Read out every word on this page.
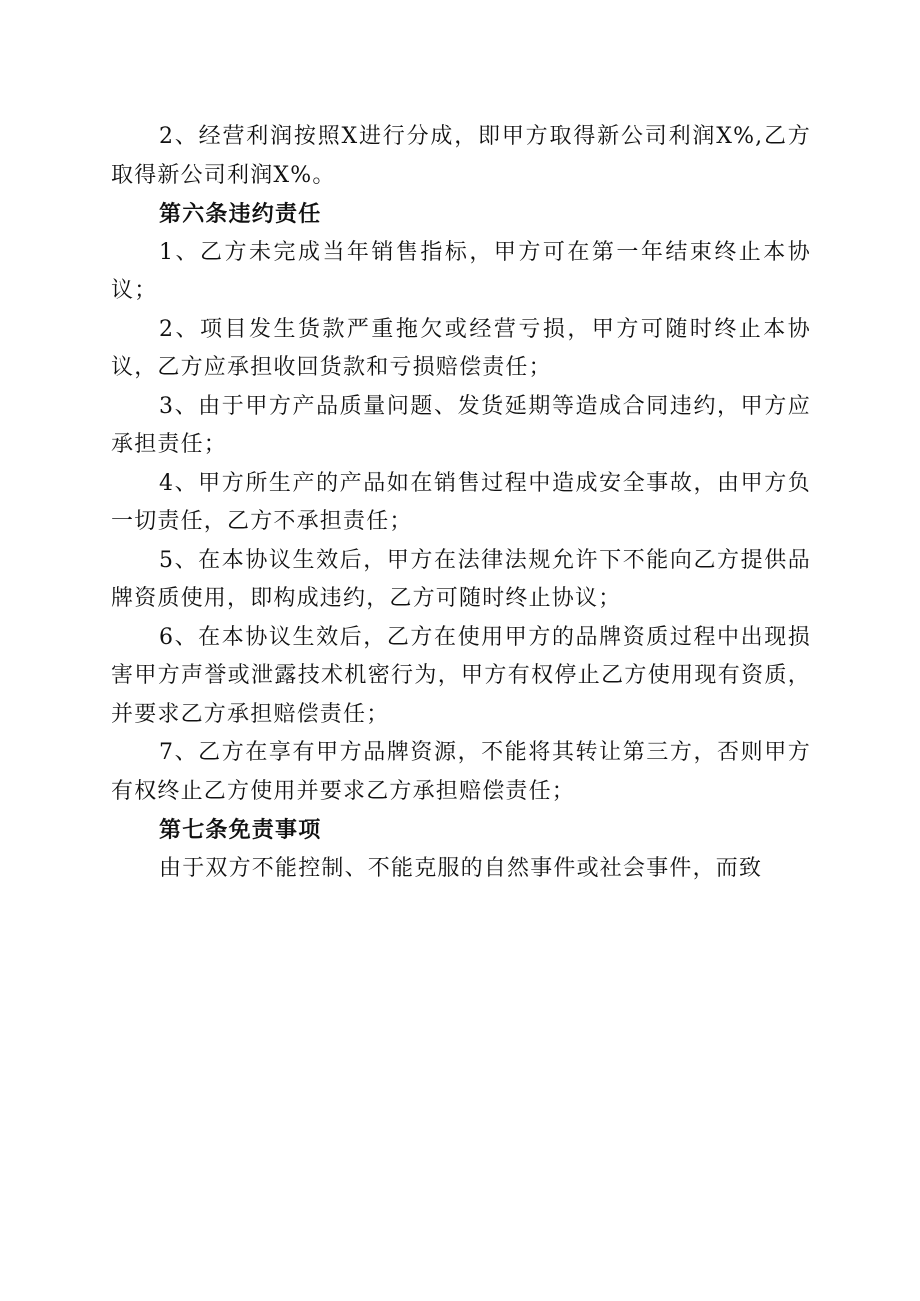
2、经营利润按照X进行分成，即甲方取得新公司利润X%,乙方取得新公司利润X%。

第六条违约责任

1、乙方未完成当年销售指标，甲方可在第一年结束终止本协议；

2、项目发生货款严重拖欠或经营亏损，甲方可随时终止本协议，乙方应承担收回货款和亏损赔偿责任；

3、由于甲方产品质量问题、发货延期等造成合同违约，甲方应承担责任；

4、甲方所生产的产品如在销售过程中造成安全事故，由甲方负一切责任，乙方不承担责任；

5、在本协议生效后，甲方在法律法规允许下不能向乙方提供品牌资质使用，即构成违约，乙方可随时终止协议；

6、在本协议生效后，乙方在使用甲方的品牌资质过程中出现损害甲方声誉或泄露技术机密行为，甲方有权停止乙方使用现有资质，并要求乙方承担赔偿责任；

7、乙方在享有甲方品牌资源，不能将其转让第三方，否则甲方有权终止乙方使用并要求乙方承担赔偿责任；

第七条免责事项

由于双方不能控制、不能克服的自然事件或社会事件，而致
